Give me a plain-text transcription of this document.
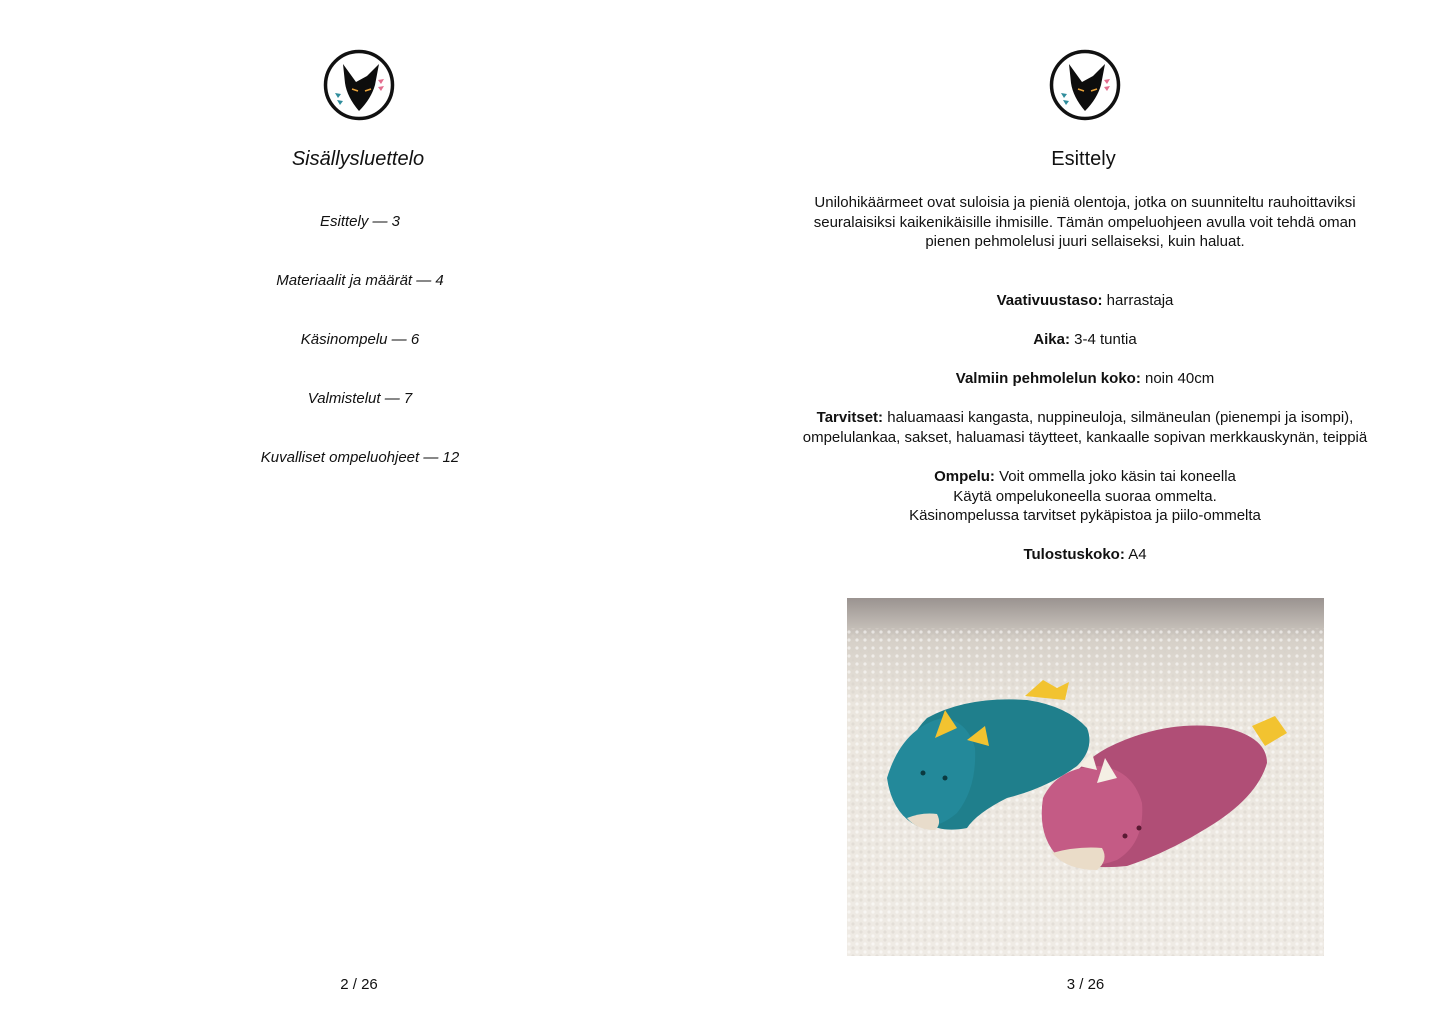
Sisällysluettelo
Esittely — 3
Materiaalit ja määrät — 4
Käsinompelu — 6
Valmistelut — 7
Kuvalliset ompeluohjeet — 12
2 / 26
Esittely
Unilohikäärmeet ovat suloisia ja pieniä olentoja, jotka on suunniteltu rauhoittaviksi seuralaisiksi kaikenikäisille ihmisille. Tämän ompeluohjeen avulla voit tehdä oman pienen pehmolelusi juuri sellaiseksi, kuin haluat.
Vaativuustaso: harrastaja
Aika: 3-4 tuntia
Valmiin pehmolelun koko: noin 40cm
Tarvitset: haluamaasi kangasta, nuppineuloja, silmäneulan (pienempi ja isompi), ompelulankaa, sakset, haluamasi täytteet, kankaalle sopivan merkkauskynän, teippiä
Ompelu: Voit ommella joko käsin tai koneella
Käytä ompelukoneella suoraa ommelta.
Käsinompelussa tarvitset pykäpistoa ja piilo-ommelta
Tulostuskoko: A4
3 / 26
